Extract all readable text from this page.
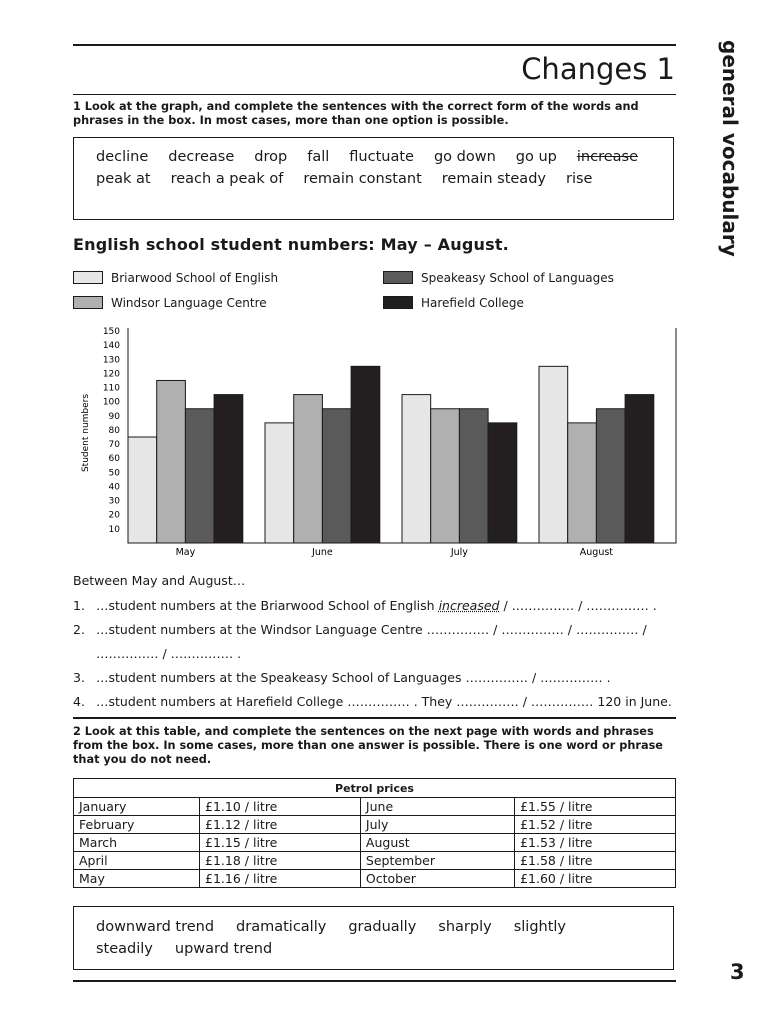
Changes 1 general vocabulary

1 Look at the graph, and complete the sentences with the correct form of the words and phrases in the box. In most cases, more than one option is possible.

decline decrease drop fall fluctuate go down go up increasepeak at reach a peak of remain constant remain steady rise
English school student numbers: May – August.
Briarwood School of English
Windsor Language Centre
Speakeasy School of Languages
Harefield College
10
20
30
40
50
60
70
80
90
100
110
120
130
140
150
Student numbers
May	June	July	August
Between May and August…
1. …student numbers at the Briarwood School of English increased / …………… / …………… .
2. …student numbers at the Windsor Language Centre …………… / …………… / …………… /
…………… / …………… .
3. …student numbers at the Speakeasy School of Languages …………… / …………… .
4. …student numbers at Harefield College …………… . They …………… / …………… 120 in June.

2 Look at this table, and complete the sentences on the next page with words and phrases from the box. In some cases, more than one answer is possible. There is one word or phrase that you do not need.

Petrol prices			
January	£1.10 / litre	June	£1.55 / litre
February	£1.12 / litre	July	£1.52 / litre
March	£1.15 / litre	August	£1.53 / litre
April	£1.18 / litre	September	£1.58 / litre
May	£1.16 / litre	October	£1.60 / litre
downward trend dramatically gradually sharply slightlysteadily upward trend
3
